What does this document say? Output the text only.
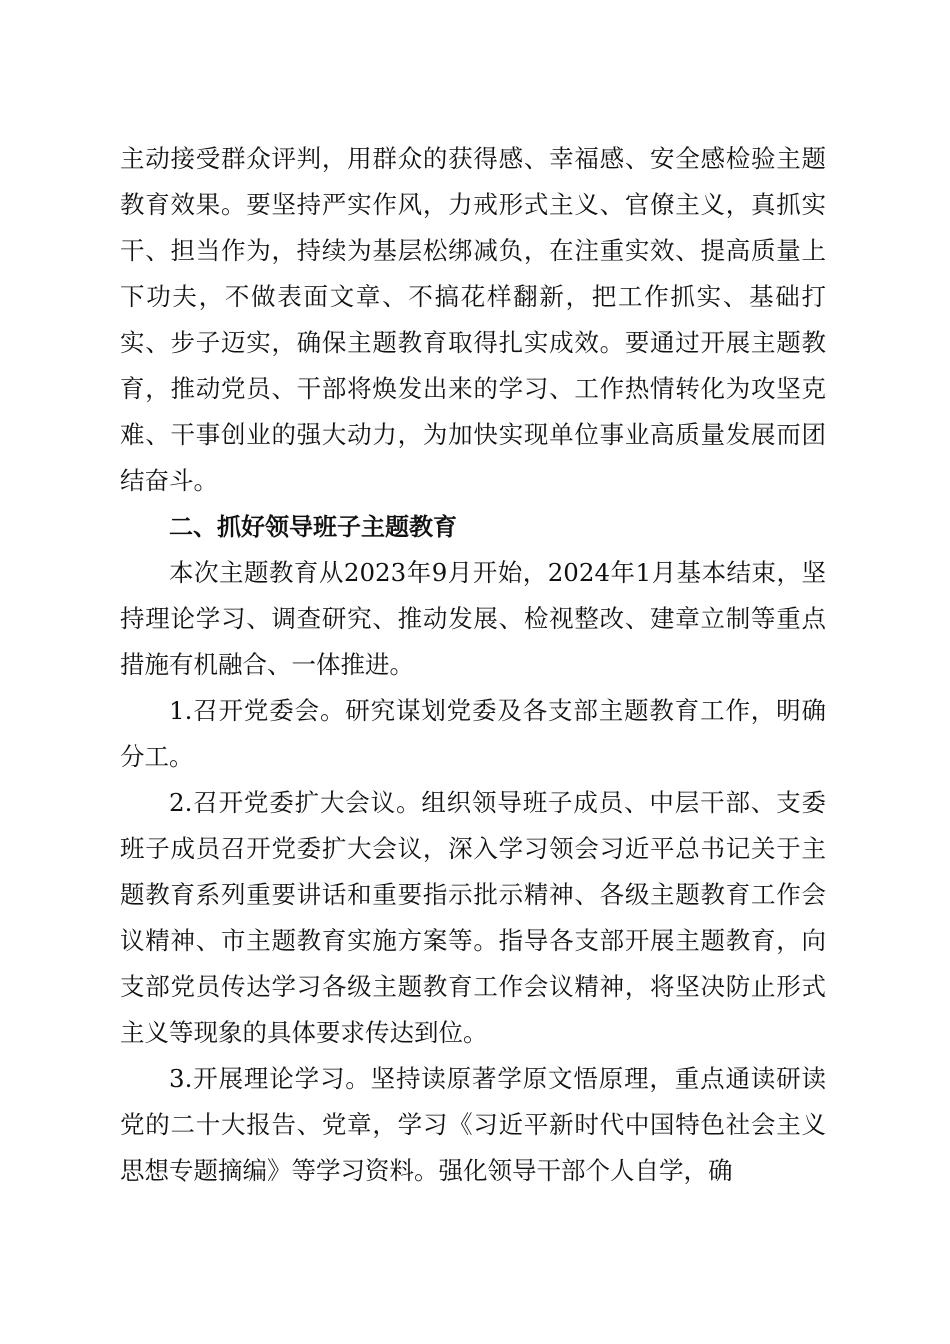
主动接受群众评判，用群众的获得感、幸福感、安全感检验主题教育效果。要坚持严实作风，力戒形式主义、官僚主义，真抓实干、担当作为，持续为基层松绑减负，在注重实效、提高质量上下功夫，不做表面文章、不搞花样翻新，把工作抓实、基础打实、步子迈实，确保主题教育取得扎实成效。要通过开展主题教育，推动党员、干部将焕发出来的学习、工作热情转化为攻坚克难、干事创业的强大动力，为加快实现单位事业高质量发展而团结奋斗。

二、抓好领导班子主题教育

本次主题教育从2023年9月开始，2024年1月基本结束，坚持理论学习、调查研究、推动发展、检视整改、建章立制等重点措施有机融合、一体推进。

1.召开党委会。研究谋划党委及各支部主题教育工作，明确分工。

2.召开党委扩大会议。组织领导班子成员、中层干部、支委班子成员召开党委扩大会议，深入学习领会习近平总书记关于主题教育系列重要讲话和重要指示批示精神、各级主题教育工作会议精神、市主题教育实施方案等。指导各支部开展主题教育，向支部党员传达学习各级主题教育工作会议精神，将坚决防止形式主义等现象的具体要求传达到位。

3.开展理论学习。坚持读原著学原文悟原理，重点通读研读党的二十大报告、党章，学习《习近平新时代中国特色社会主义思想专题摘编》等学习资料。强化领导干部个人自学，确
